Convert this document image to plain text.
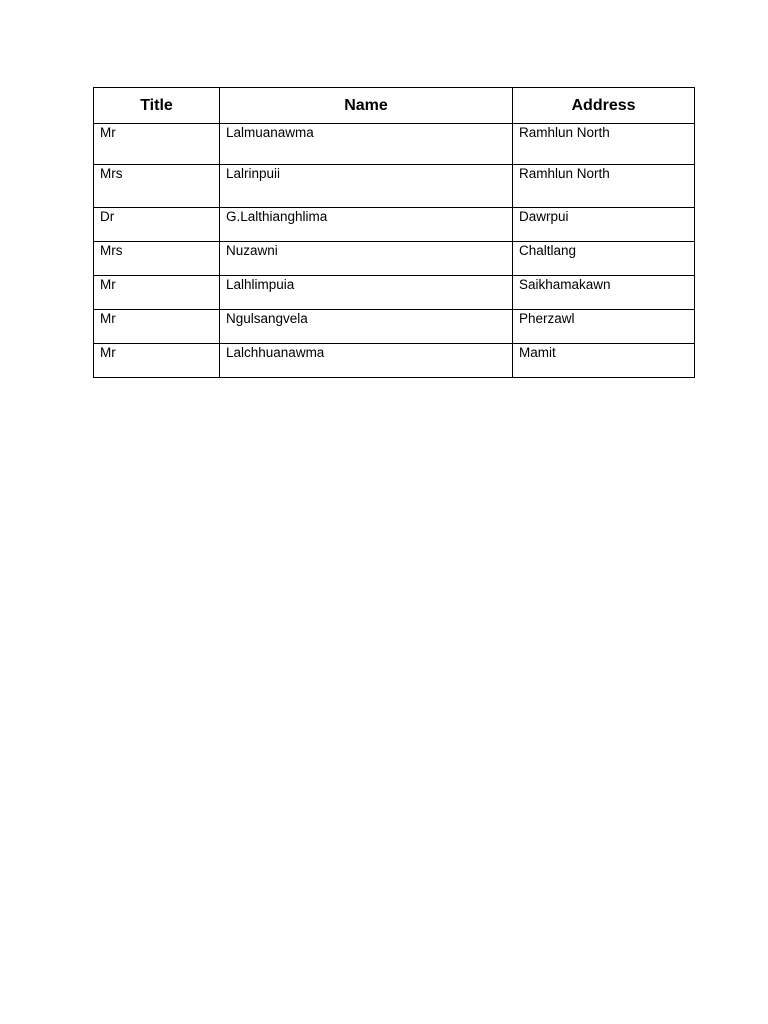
Title	Name	Address
Mr	Lalmuanawma	Ramhlun North
Mrs	Lalrinpuii	Ramhlun North
Dr	G.Lalthianghlima	Dawrpui
Mrs	Nuzawni	Chaltlang
Mr	Lalhlimpuia	Saikhamakawn
Mr	Ngulsangvela	Pherzawl
Mr	Lalchhuanawma	Mamit
